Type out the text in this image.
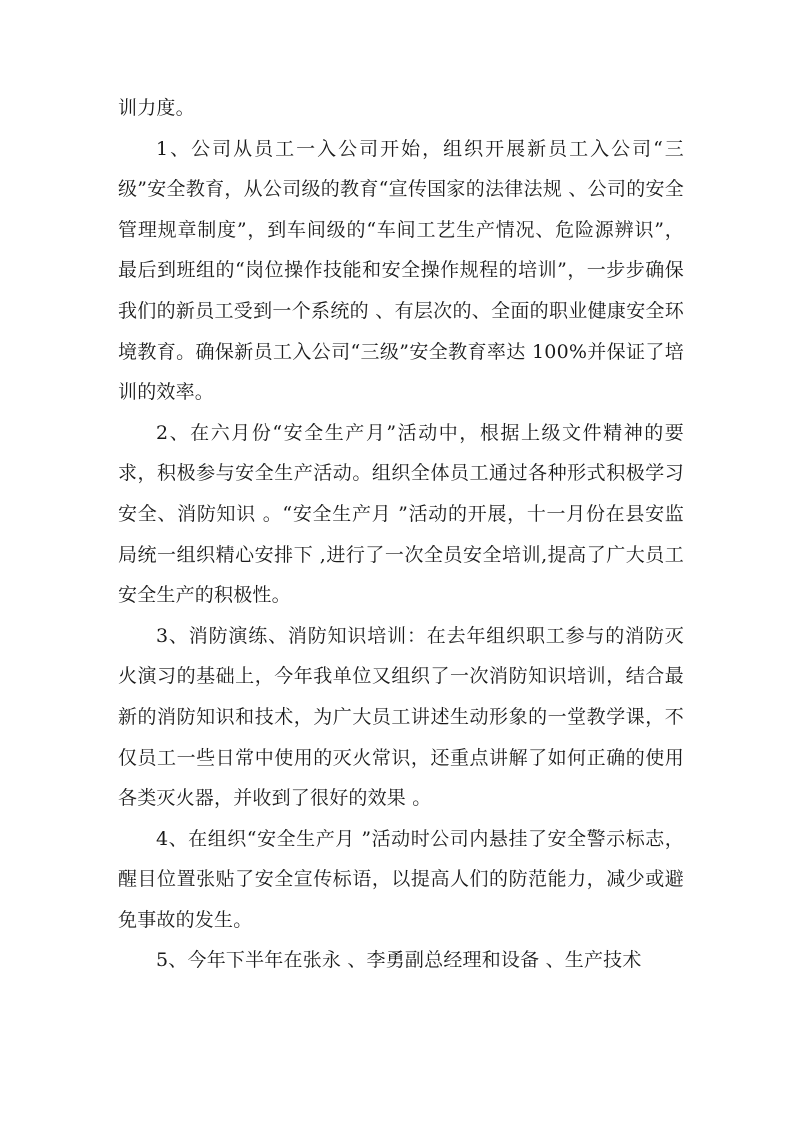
训力度。

1、公司从员工一入公司开始，组织开展新员工入公司“三级”安全教育，从公司级的教育“宣传国家的法律法规 、公司的安全管理规章制度”，到车间级的“车间工艺生产情况、危险源辨识”，最后到班组的“岗位操作技能和安全操作规程的培训”，一步步确保我们的新员工受到一个系统的 、有层次的、全面的职业健康安全环境教育。确保新员工入公司“三级”安全教育率达 100%并保证了培训的效率。

2、在六月份“安全生产月”活动中，根据上级文件精神的要求，积极参与安全生产活动。组织全体员工通过各种形式积极学习安全、消防知识 。“安全生产月 ”活动的开展，十一月份在县安监局统一组织精心安排下 ,进行了一次全员安全培训,提高了广大员工安全生产的积极性。

3、消防演练、消防知识培训：在去年组织职工参与的消防灭火演习的基础上，今年我单位又组织了一次消防知识培训，结合最新的消防知识和技术，为广大员工讲述生动形象的一堂教学课，不仅员工一些日常中使用的灭火常识，还重点讲解了如何正确的使用各类灭火器，并收到了很好的效果 。

4、在组织“安全生产月 ”活动时公司内悬挂了安全警示标志，醒目位置张贴了安全宣传标语，以提高人们的防范能力，减少或避免事故的发生。

5、今年下半年在张永 、李勇副总经理和设备 、生产技术
